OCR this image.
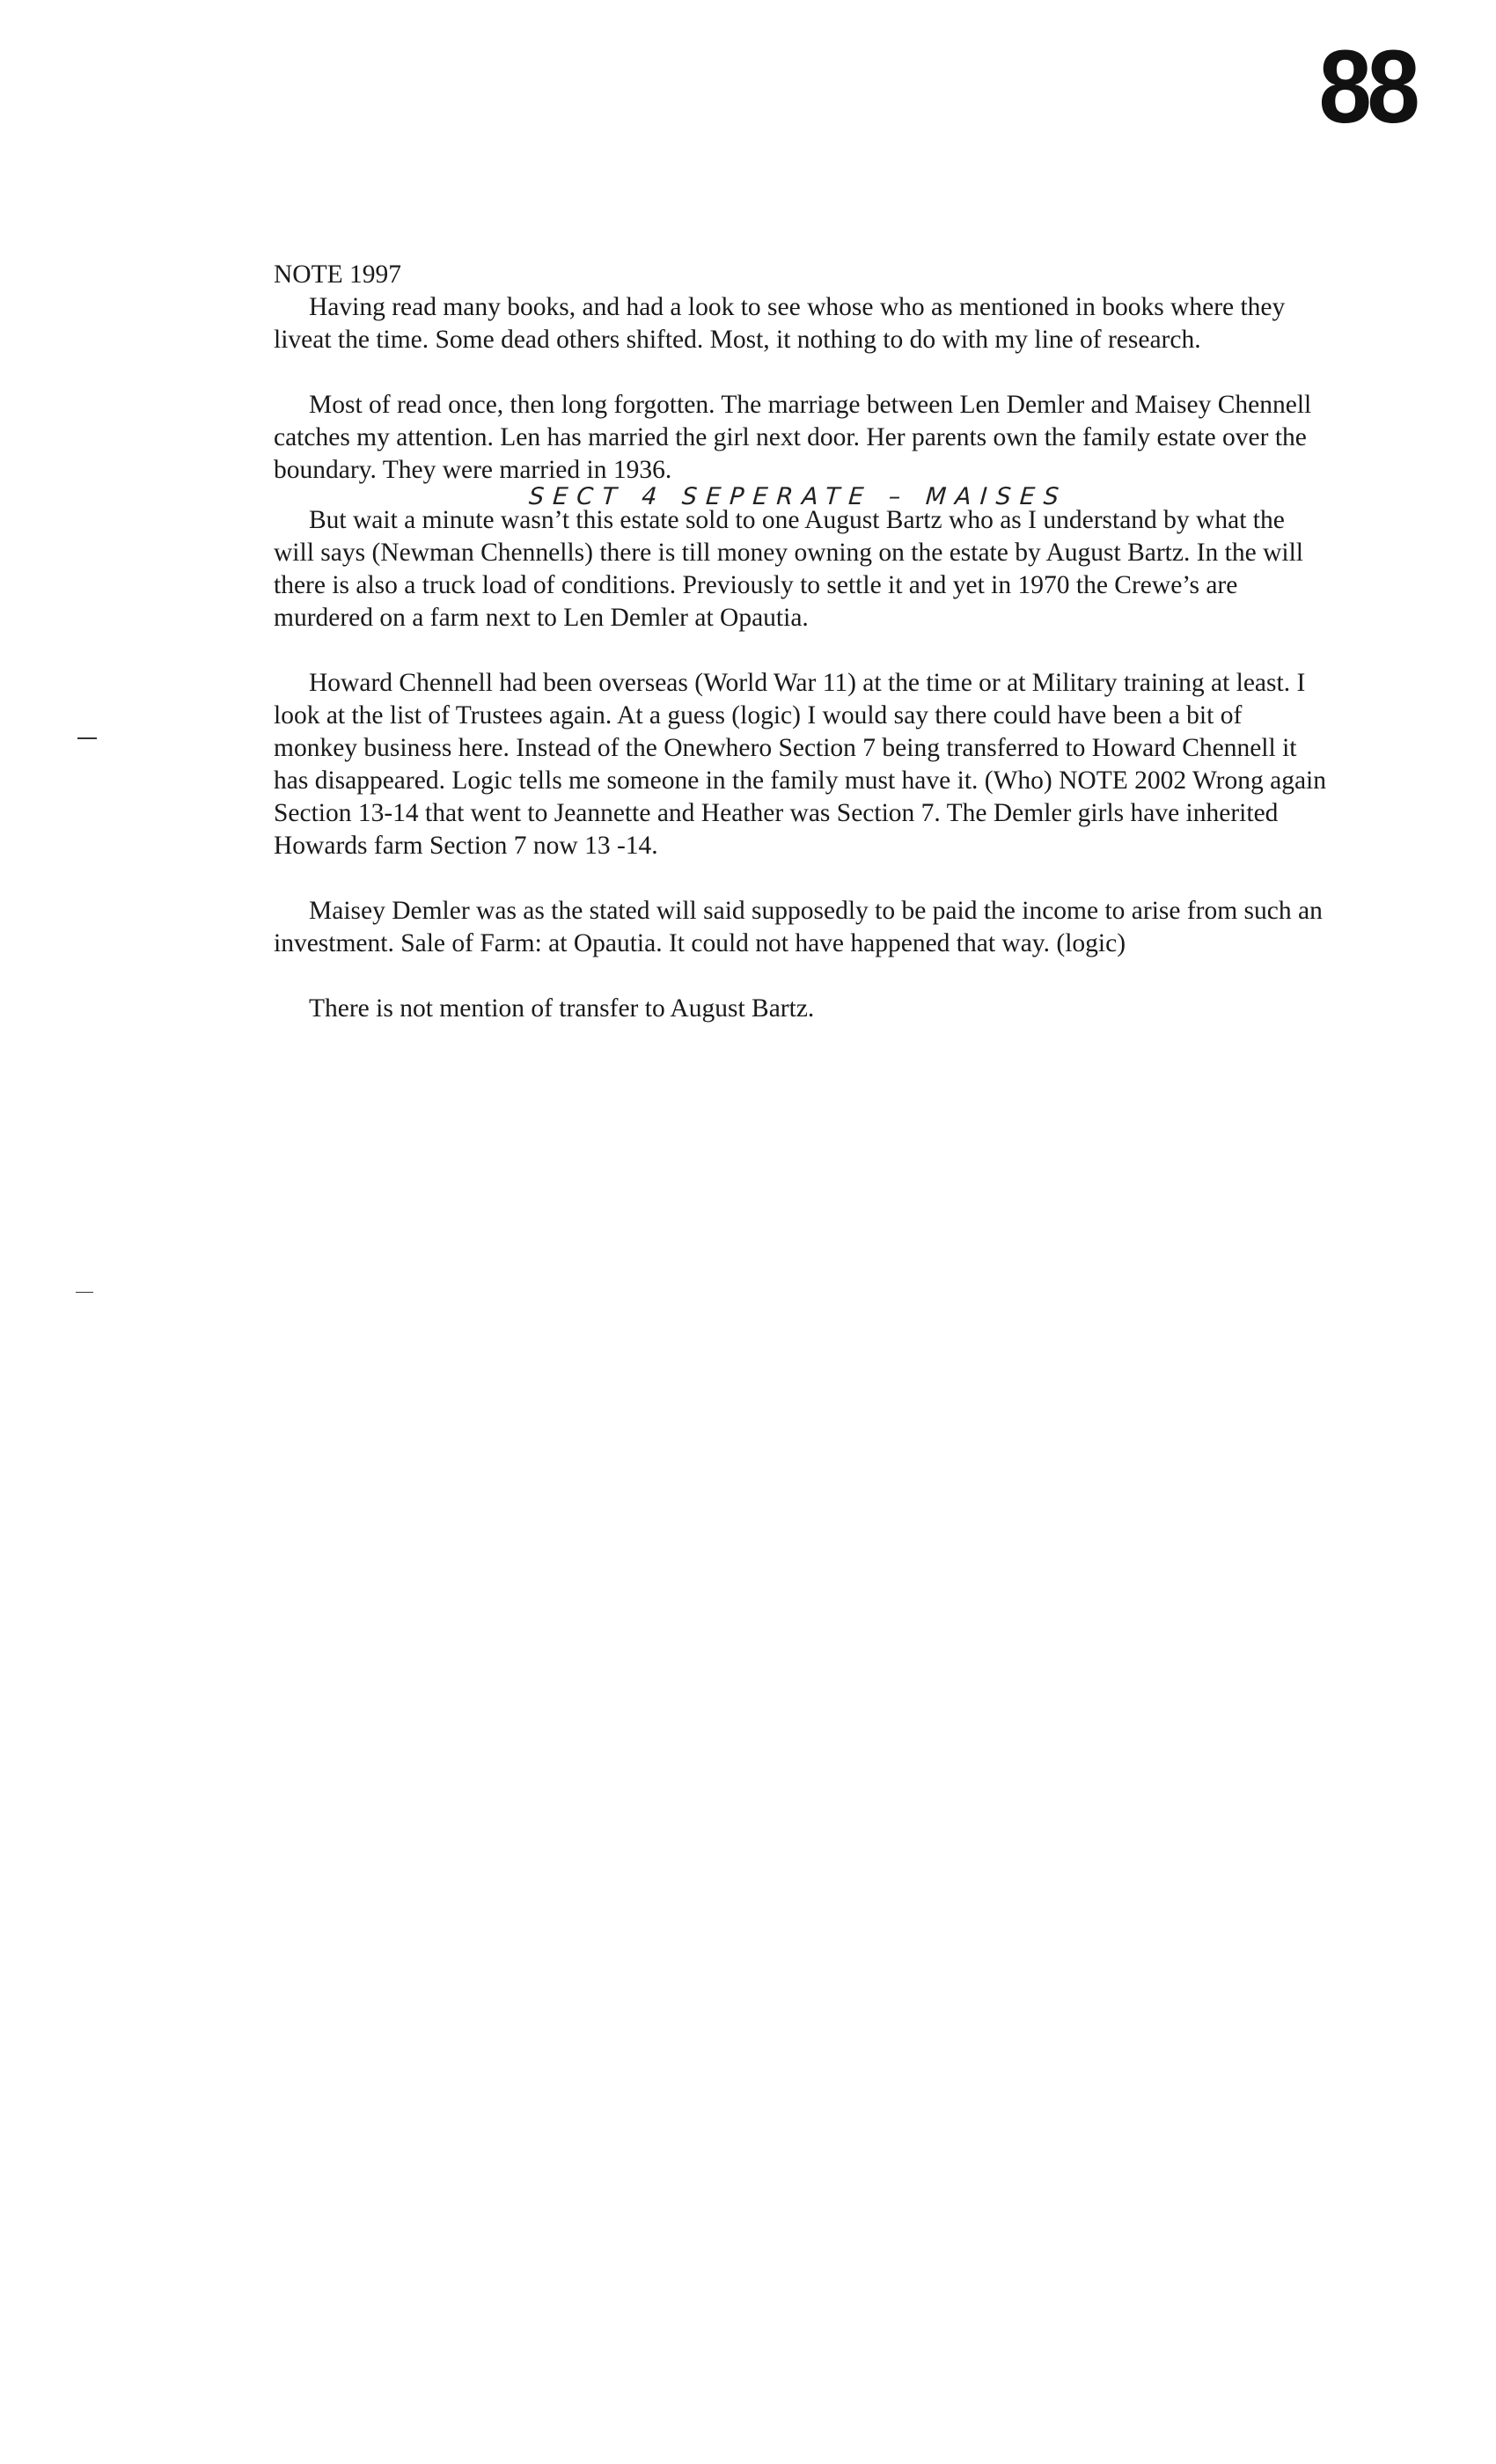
88

NOTE 1997

Having read many books, and had a look to see whose who as mentioned in books where they liveat the time. Some dead others shifted. Most, it nothing to do with my line of research.

Most of read once, then long forgotten. The marriage between Len Demler and Maisey Chennell catches my attention. Len has married the girl next door. Her parents own the family estate over the boundary. They were married in 1936.

SECT 4 SEPERATE – MAISES

But wait a minute wasn’t this estate sold to one August Bartz who as I understand by what the will says (Newman Chennells) there is till money owning on the estate by August Bartz. In the will there is also a truck load of conditions. Previously to settle it and yet in 1970 the Crewe’s are murdered on a farm next to Len Demler at Opautia.

Howard Chennell had been overseas (World War 11) at the time or at Military training at least. I look at the list of Trustees again. At a guess (logic) I would say there could have been a bit of monkey business here. Instead of the Onewhero Section 7 being transferred to Howard Chennell it has disappeared. Logic tells me someone in the family must have it. (Who) NOTE 2002 Wrong again Section 13-14 that went to Jeannette and Heather was Section 7. The Demler girls have inherited Howards farm Section 7 now 13 -14.

Maisey Demler was as the stated will said supposedly to be paid the income to arise from such an investment. Sale of Farm: at Opautia. It could not have happened that way. (logic)

There is not mention of transfer to August Bartz.
